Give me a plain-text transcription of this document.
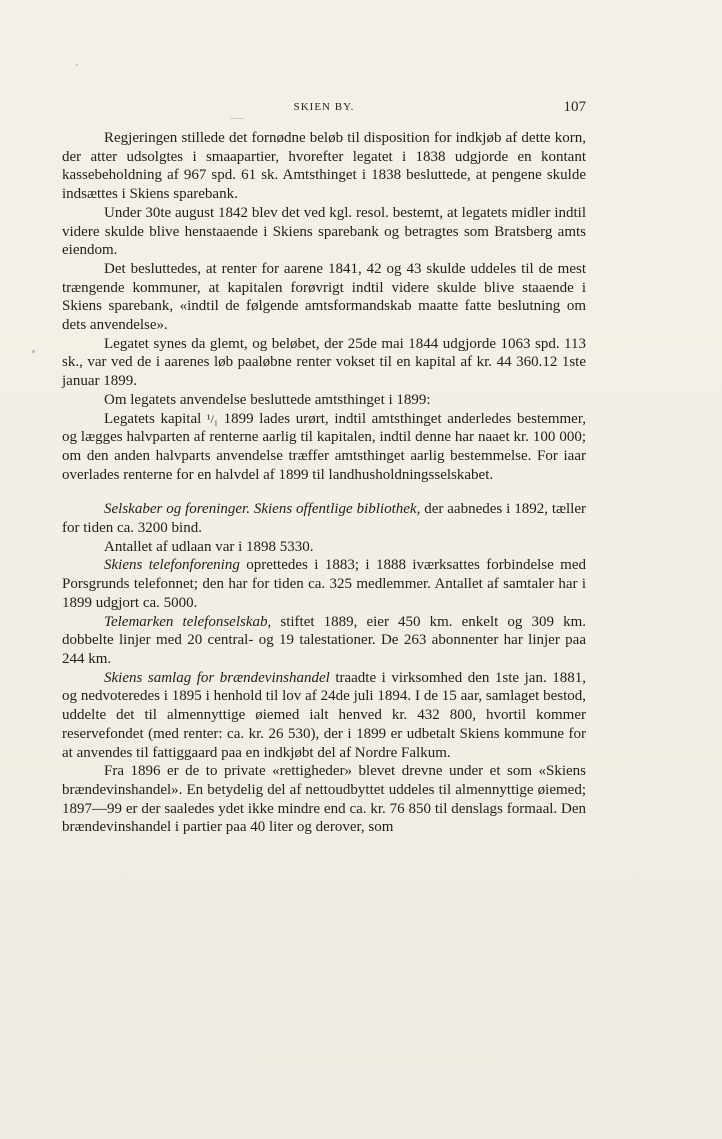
SKIEN BY.	107

Regjeringen stillede det fornødne beløb til disposition for indkjøb af dette korn, der atter udsolgtes i smaapartier, hvorefter legatet i 1838 udgjorde en kontant kassebeholdning af 967 spd. 61 sk. Amtsthinget i 1838 besluttede, at pengene skulde indsættes i Skiens sparebank.

Under 30te august 1842 blev det ved kgl. resol. bestemt, at legatets midler indtil videre skulde blive henstaaende i Skiens sparebank og betragtes som Bratsberg amts eiendom.

Det besluttedes, at renter for aarene 1841, 42 og 43 skulde uddeles til de mest trængende kommuner, at kapitalen forøvrigt indtil videre skulde blive staaende i Skiens sparebank, «indtil de følgende amtsformandskab maatte fatte beslutning om dets anvendelse».

Legatet synes da glemt, og beløbet, der 25de mai 1844 udgjorde 1063 spd. 113 sk., var ved de i aarenes løb paaløbne renter vokset til en kapital af kr. 44 360.12 1ste januar 1899.

Om legatets anvendelse besluttede amtsthinget i 1899:

Legatets kapital ¹/₁ 1899 lades urørt, indtil amtsthinget anderledes bestemmer, og lægges halvparten af renterne aarlig til kapitalen, indtil denne har naaet kr. 100 000; om den anden halvparts anvendelse træffer amtsthinget aarlig bestemmelse. For iaar overlades renterne for en halvdel af 1899 til landhusholdningsselskabet.

Selskaber og foreninger. Skiens offentlige bibliothek, der aabnedes i 1892, tæller for tiden ca. 3200 bind.

Antallet af udlaan var i 1898 5330.

Skiens telefonforening oprettedes i 1883; i 1888 iværksattes forbindelse med Porsgrunds telefonnet; den har for tiden ca. 325 medlemmer. Antallet af samtaler har i 1899 udgjort ca. 5000.

Telemarken telefonselskab, stiftet 1889, eier 450 km. enkelt og 309 km. dobbelte linjer med 20 central- og 19 talestationer. De 263 abonnenter har linjer paa 244 km.

Skiens samlag for brændevinshandel traadte i virksomhed den 1ste jan. 1881, og nedvoteredes i 1895 i henhold til lov af 24de juli 1894. I de 15 aar, samlaget bestod, uddelte det til almennyttige øiemed ialt henved kr. 432 800, hvortil kommer reservefondet (med renter: ca. kr. 26 530), der i 1899 er udbetalt Skiens kommune for at anvendes til fattiggaard paa en indkjøbt del af Nordre Falkum.

Fra 1896 er de to private «rettigheder» blevet drevne under et som «Skiens brændevinshandel». En betydelig del af nettoudbyttet uddeles til almennyttige øiemed; 1897—99 er der saaledes ydet ikke mindre end ca. kr. 76 850 til denslags formaal. Den brændevinshandel i partier paa 40 liter og derover, som
